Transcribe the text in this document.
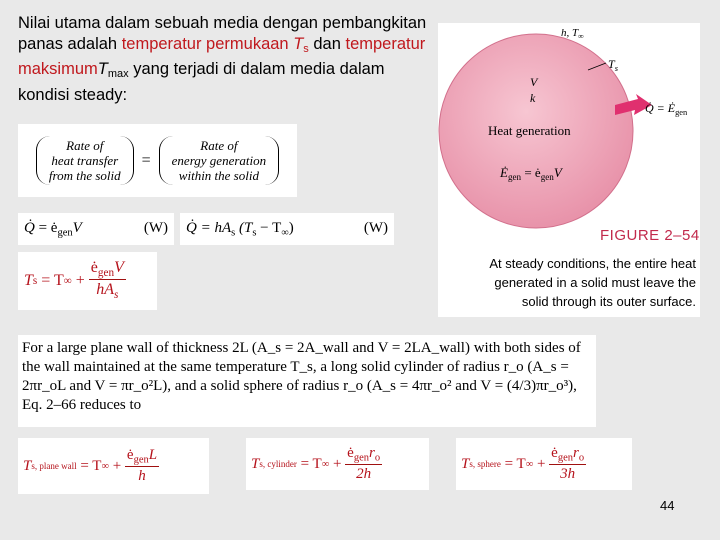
Nilai utama dalam sebuah media dengan pembangkitan panas adalah temperatur permukaan Ts dan temperatur maksimumTmax yang terjadi di dalam media dalam kondisi steady:

Rate of
heat transfer
from the solid
=
Rate of
energy generation
within the solid
Q̇ = $ė_{gen}V$	(W)	Q̇ = $hA_s$ $(T_s - T_\infty)$	(W)
T s
= T ∞
+
$\frac{ė_{gen}V}{hA_s}$
h, $T_\infty$
$T_s$
V
k
Heat generation
Q̇ = $Ė_{gen}$
$Ė_{gen}$ = $ė_{gen}V$
FIGURE 2–54
At steady conditions, the entire heat
generated in a solid must leave the
solid through its outer surface.
For a large plane wall of thickness 2L (A_s = 2A_wall and V = 2LA_wall) with both sides of the wall maintained at the same temperature T_s, a long solid cylinder of radius r_o (A_s = 2πr_oL and V = πr_o²L), and a solid sphere of radius r_o (A_s = 4πr_o² and V = (4/3)πr_o³), Eq. 2–66 reduces to
T s, plane wall
= T ∞ + $\frac{ė_{gen}L}{h}$	T s, cylinder
= T ∞ + $\frac{ė_{gen}r_o}{2h}$	T s, sphere
= T ∞ + $\frac{ė_{gen}r_o}{3h}$
44
